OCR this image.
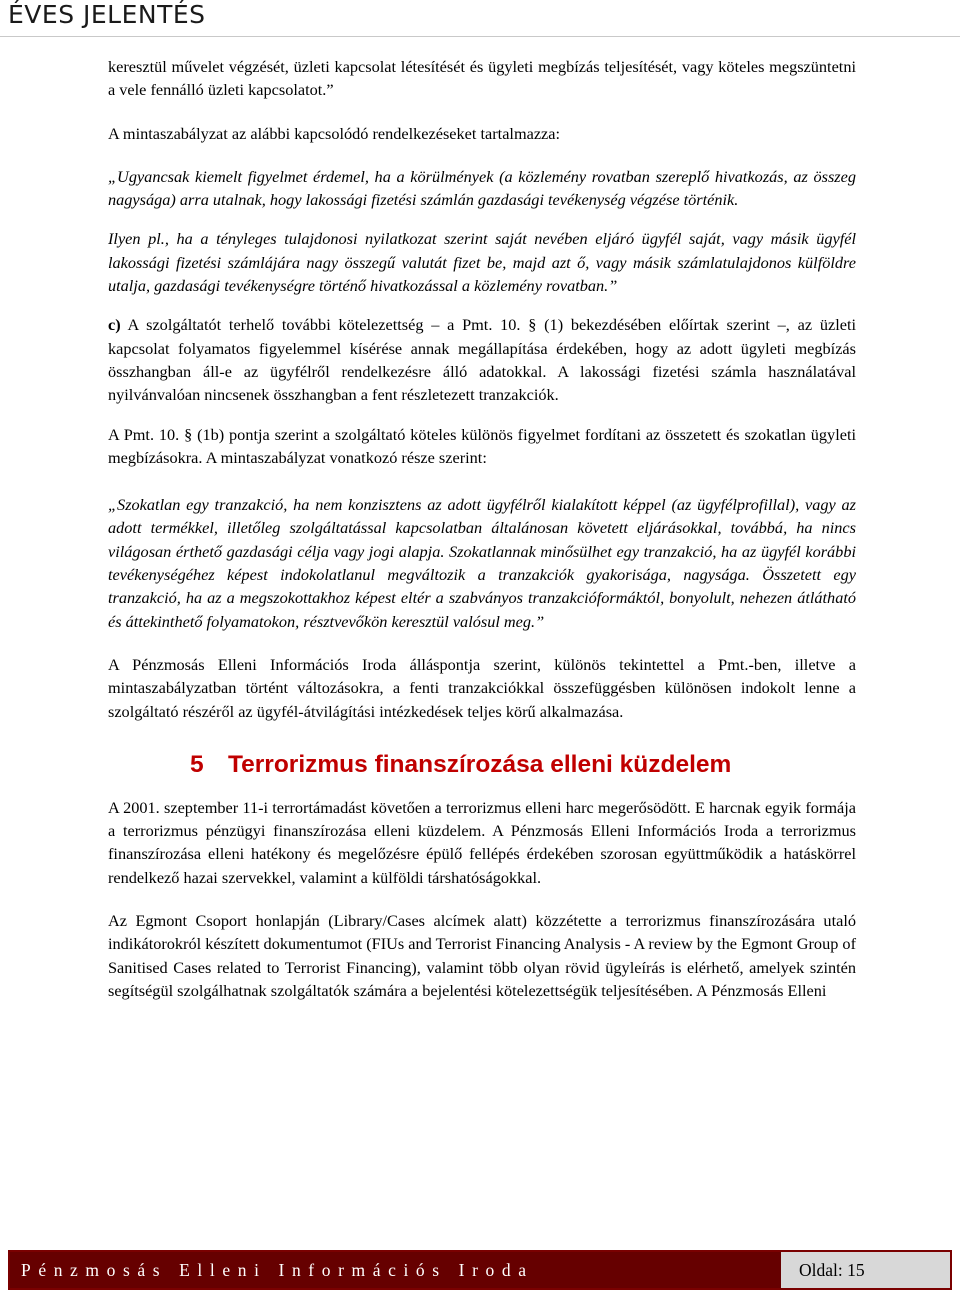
ÉVES JELENTÉS

keresztül művelet végzését, üzleti kapcsolat létesítését és ügyleti megbízás teljesítését, vagy köteles megszüntetni a vele fennálló üzleti kapcsolatot.”

A mintaszabályzat az alábbi kapcsolódó rendelkezéseket tartalmazza:

„Ugyancsak kiemelt figyelmet érdemel, ha a körülmények (a közlemény rovatban szereplő hivatkozás, az összeg nagysága) arra utalnak, hogy lakossági fizetési számlán gazdasági tevékenység végzése történik.

Ilyen pl., ha a tényleges tulajdonosi nyilatkozat szerint saját nevében eljáró ügyfél saját, vagy másik ügyfél lakossági fizetési számlájára nagy összegű valutát fizet be, majd azt ő, vagy másik számlatulajdonos külföldre utalja, gazdasági tevékenységre történő hivatkozással a közlemény rovatban.”

c) A szolgáltatót terhelő további kötelezettség – a Pmt. 10. § (1) bekezdésében előírtak szerint –, az üzleti kapcsolat folyamatos figyelemmel kísérése annak megállapítása érdekében, hogy az adott ügyleti megbízás összhangban áll-e az ügyfélről rendelkezésre álló adatokkal. A lakossági fizetési számla használatával nyilvánvalóan nincsenek összhangban a fent részletezett tranzakciók.

A Pmt. 10. § (1b) pontja szerint a szolgáltató köteles különös figyelmet fordítani az összetett és szokatlan ügyleti megbízásokra. A mintaszabályzat vonatkozó része szerint:

„Szokatlan egy tranzakció, ha nem konzisztens az adott ügyfélről kialakított képpel (az ügyfélprofillal), vagy az adott termékkel, illetőleg szolgáltatással kapcsolatban általánosan követett eljárásokkal, továbbá, ha nincs világosan érthető gazdasági célja vagy jogi alapja. Szokatlannak minősülhet egy tranzakció, ha az ügyfél korábbi tevékenységéhez képest indokolatlanul megváltozik a tranzakciók gyakorisága, nagysága. Összetett egy tranzakció, ha az a megszokottakhoz képest eltér a szabványos tranzakcióformáktól, bonyolult, nehezen átlátható és áttekinthető folyamatokon, résztvevőkön keresztül valósul meg.”

A Pénzmosás Elleni Információs Iroda álláspontja szerint, különös tekintettel a Pmt.-ben, illetve a mintaszabályzatban történt változásokra, a fenti tranzakciókkal összefüggésben különösen indokolt lenne a szolgáltató részéről az ügyfél-átvilágítási intézkedések teljes körű alkalmazása.

5 Terrorizmus finanszírozása elleni küzdelem

A 2001. szeptember 11-i terrortámadást követően a terrorizmus elleni harc megerősödött. E harcnak egyik formája a terrorizmus pénzügyi finanszírozása elleni küzdelem. A Pénzmosás Elleni Információs Iroda a terrorizmus finanszírozása elleni hatékony és megelőzésre épülő fellépés érdekében szorosan együttműködik a hatáskörrel rendelkező hazai szervekkel, valamint a külföldi társhatóságokkal.

Az Egmont Csoport honlapján (Library/Cases alcímek alatt) közzétette a terrorizmus finanszírozására utaló indikátorokról készített dokumentumot (FIUs and Terrorist Financing Analysis - A review by the Egmont Group of Sanitised Cases related to Terrorist Financing), valamint több olyan rövid ügyleírás is elérhető, amelyek szintén segítségül szolgálhatnak szolgáltatók számára a bejelentési kötelezettségük teljesítésében. A Pénzmosás Elleni

Pénzmosás Elleni Információs Iroda	Oldal: 15
